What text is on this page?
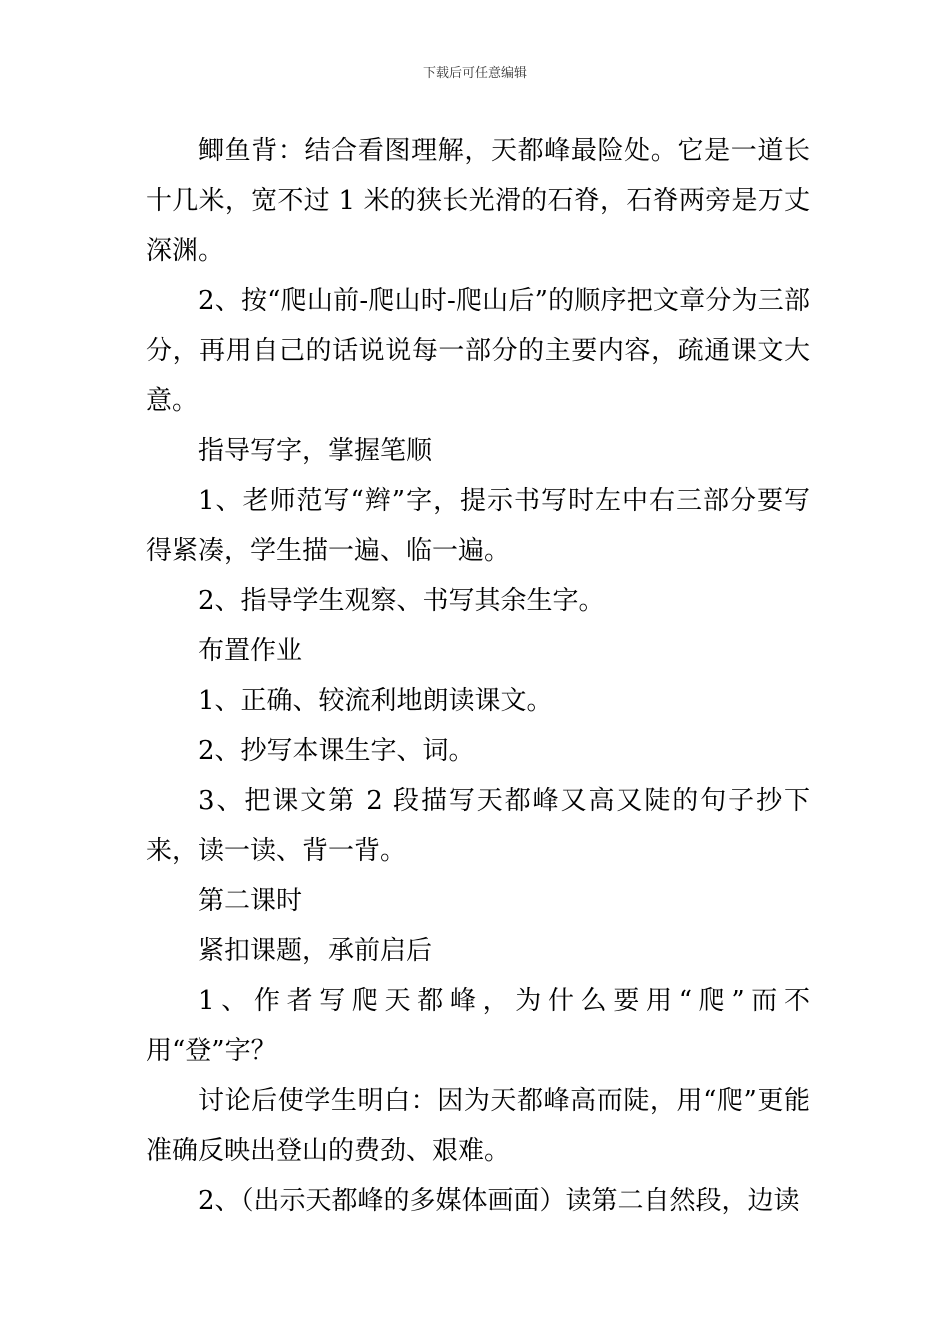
下载后可任意编辑

鲫鱼背：结合看图理解，天都峰最险处。它是一道长十几米，宽不过 1 米的狭长光滑的石脊，石脊两旁是万丈深渊。

2、按“爬山前-爬山时-爬山后”的顺序把文章分为三部分，再用自己的话说说每一部分的主要内容，疏通课文大意。

指导写字，掌握笔顺

1、老师范写“辫”字，提示书写时左中右三部分要写得紧凑，学生描一遍、临一遍。

2、指导学生观察、书写其余生字。

布置作业

1、正确、较流利地朗读课文。

2、抄写本课生字、词。

3、把课文第 2 段描写天都峰又高又陡的句子抄下来，读一读、背一背。

第二课时

紧扣课题，承前启后

1、作者写爬天都峰，为什么要用“爬”而不用“登”字？

讨论后使学生明白：因为天都峰高而陡，用“爬”更能准确反映出登山的费劲、艰难。

2、（出示天都峰的多媒体画面）读第二自然段，边读
